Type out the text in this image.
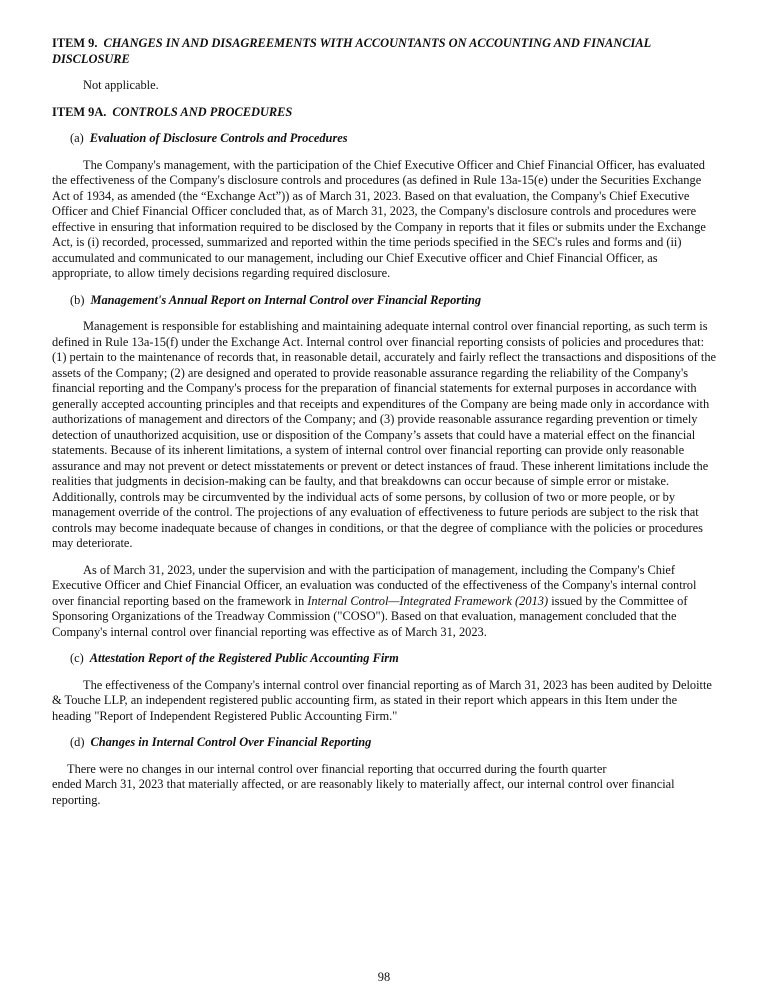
ITEM 9. CHANGES IN AND DISAGREEMENTS WITH ACCOUNTANTS ON ACCOUNTING AND FINANCIAL DISCLOSURE

Not applicable.

ITEM 9A. CONTROLS AND PROCEDURES

(a) Evaluation of Disclosure Controls and Procedures

The Company's management, with the participation of the Chief Executive Officer and Chief Financial Officer, has evaluated the effectiveness of the Company's disclosure controls and procedures (as defined in Rule 13a-15(e) under the Securities Exchange Act of 1934, as amended (the “Exchange Act”)) as of March 31, 2023. Based on that evaluation, the Company's Chief Executive Officer and Chief Financial Officer concluded that, as of March 31, 2023, the Company's disclosure controls and procedures were effective in ensuring that information required to be disclosed by the Company in reports that it files or submits under the Exchange Act, is (i) recorded, processed, summarized and reported within the time periods specified in the SEC's rules and forms and (ii) accumulated and communicated to our management, including our Chief Executive officer and Chief Financial Officer, as appropriate, to allow timely decisions regarding required disclosure.

(b) Management's Annual Report on Internal Control over Financial Reporting

Management is responsible for establishing and maintaining adequate internal control over financial reporting, as such term is defined in Rule 13a-15(f) under the Exchange Act. Internal control over financial reporting consists of policies and procedures that: (1) pertain to the maintenance of records that, in reasonable detail, accurately and fairly reflect the transactions and dispositions of the assets of the Company; (2) are designed and operated to provide reasonable assurance regarding the reliability of the Company's financial reporting and the Company's process for the preparation of financial statements for external purposes in accordance with generally accepted accounting principles and that receipts and expenditures of the Company are being made only in accordance with authorizations of management and directors of the Company; and (3) provide reasonable assurance regarding prevention or timely detection of unauthorized acquisition, use or disposition of the Company’s assets that could have a material effect on the financial statements. Because of its inherent limitations, a system of internal control over financial reporting can provide only reasonable assurance and may not prevent or detect misstatements or prevent or detect instances of fraud. These inherent limitations include the realities that judgments in decision-making can be faulty, and that breakdowns can occur because of simple error or mistake. Additionally, controls may be circumvented by the individual acts of some persons, by collusion of two or more people, or by management override of the control. The projections of any evaluation of effectiveness to future periods are subject to the risk that controls may become inadequate because of changes in conditions, or that the degree of compliance with the policies or procedures may deteriorate.

As of March 31, 2023, under the supervision and with the participation of management, including the Company's Chief Executive Officer and Chief Financial Officer, an evaluation was conducted of the effectiveness of the Company's internal control over financial reporting based on the framework in Internal Control—Integrated Framework (2013) issued by the Committee of Sponsoring Organizations of the Treadway Commission ("COSO"). Based on that evaluation, management concluded that the Company's internal control over financial reporting was effective as of March 31, 2023.

(c) Attestation Report of the Registered Public Accounting Firm

The effectiveness of the Company's internal control over financial reporting as of March 31, 2023 has been audited by Deloitte & Touche LLP, an independent registered public accounting firm, as stated in their report which appears in this Item under the heading "Report of Independent Registered Public Accounting Firm."

(d) Changes in Internal Control Over Financial Reporting

There were no changes in our internal control over financial reporting that occurred during the fourth quarter
ended March 31, 2023 that materially affected, or are reasonably likely to materially affect, our internal control over financial reporting.

98
